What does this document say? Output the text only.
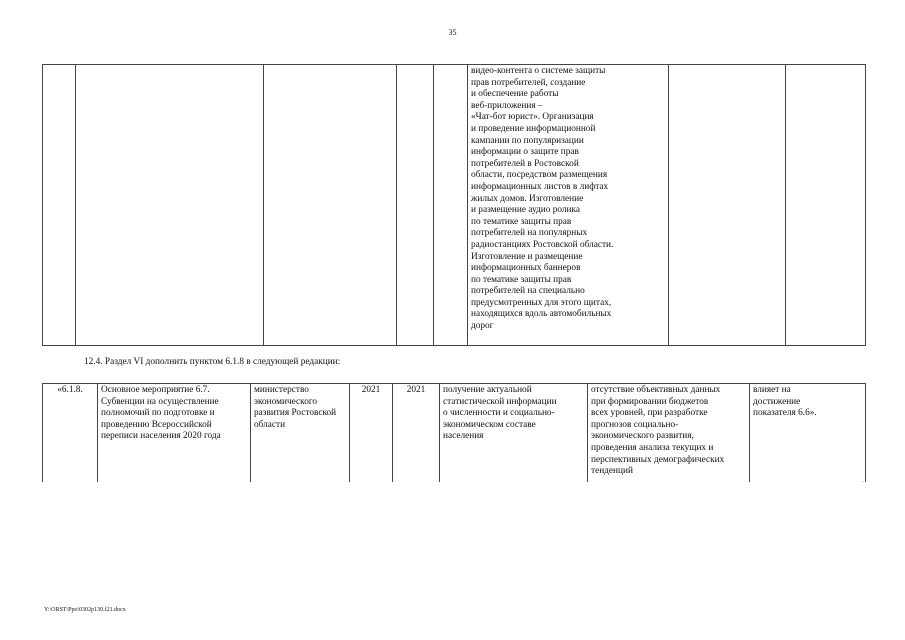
35

видео-контента о системе защиты
прав потребителей, создание
и обеспечение работы
веб-приложения –
«Чат-бот юрист». Организация
и проведение информационной
кампании по популяризации
информации о защите прав
потребителей в Ростовской
области, посредством размещения
информационных листов в лифтах
жилых домов. Изготовление
и размещение аудио ролика
по тематике защиты прав
потребителей на популярных
радиостанциях Ростовской области.
Изготовление и размещение
информационных баннеров
по тематике защиты прав
потребителей на специально
предусмотренных для этого щитах,
находящихся вдоль автомобильных
дорог

12.4. Раздел VI дополнить пунктом 6.1.8 в следующей редакции:
«6.1.8.	Основное мероприятие 6.7.
Субвенции на осуществление
полномочий по подготовке и
проведению Всероссийской
переписи населения 2020 года

министерство
экономического
развития Ростовской
области
	2021	2021	получение актуальной
статистической информации
о численности и социально-
экономическом составе
населения

отсутствие объективных данных
при формировании бюджетов
всех уровней, при разработке
прогнозов социально-
экономического развития,
проведения анализа текущих и
перспективных демографических
тенденций

влияет на
достижение
показателя 6.6».
.
Y:\ORST\Ppo\0302p130.f21.docx
